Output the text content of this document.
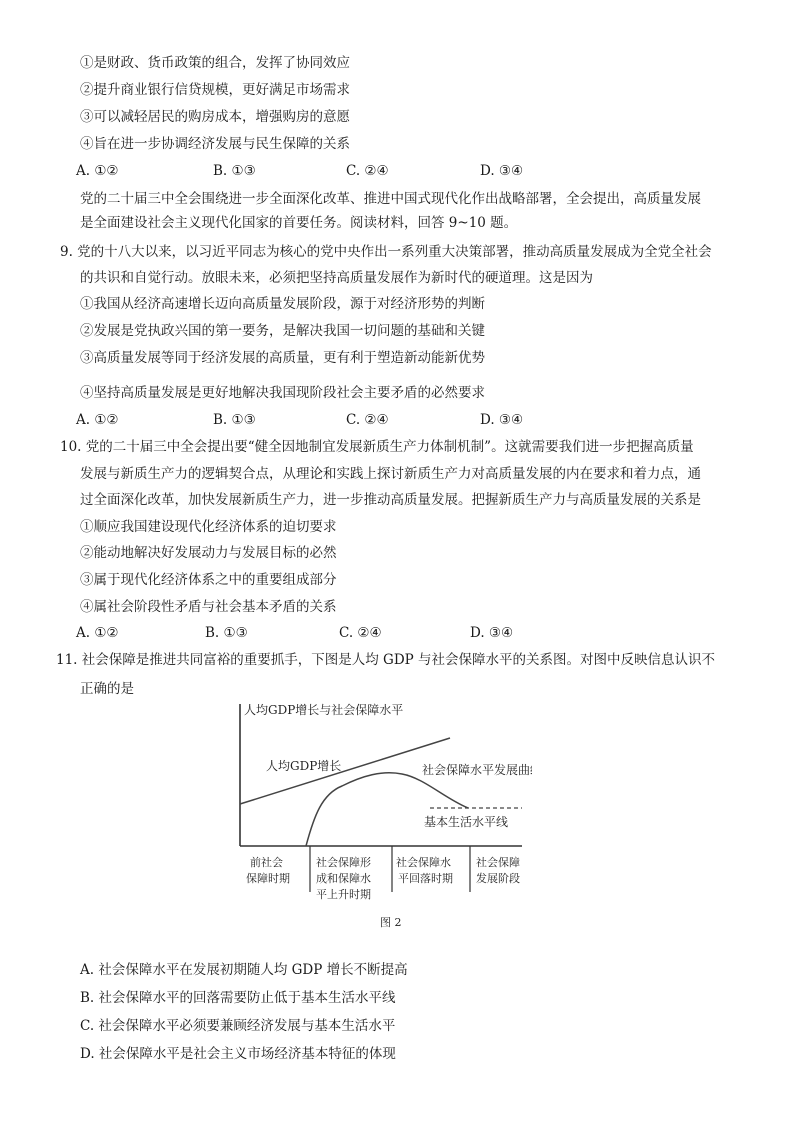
①是财政、货币政策的组合，发挥了协同效应
②提升商业银行信贷规模，更好满足市场需求
③可以减轻居民的购房成本，增强购房的意愿
④旨在进一步协调经济发展与民生保障的关系
A. ①②	B. ①③	C. ②④	D. ③④
党的二十届三中全会围绕进一步全面深化改革、推进中国式现代化作出战略部署，全会提出，高质量发展
是全面建设社会主义现代化国家的首要任务。阅读材料，回答 9~10 题。
9. 党的十八大以来，以习近平同志为核心的党中央作出一系列重大决策部署，推动高质量发展成为全党全社会
的共识和自觉行动。放眼未来，必须把坚持高质量发展作为新时代的硬道理。这是因为
①我国从经济高速增长迈向高质量发展阶段，源于对经济形势的判断
②发展是党执政兴国的第一要务，是解决我国一切问题的基础和关键
③高质量发展等同于经济发展的高质量，更有利于塑造新动能新优势
④坚持高质量发展是更好地解决我国现阶段社会主要矛盾的必然要求
A. ①②	B. ①③	C. ②④	D. ③④
10. 党的二十届三中全会提出要“健全因地制宜发展新质生产力体制机制”。这就需要我们进一步把握高质量
发展与新质生产力的逻辑契合点，从理论和实践上探讨新质生产力对高质量发展的内在要求和着力点，通
过全面深化改革，加快发展新质生产力，进一步推动高质量发展。把握新质生产力与高质量发展的关系是
①顺应我国建设现代化经济体系的迫切要求
②能动地解决好发展动力与发展目标的必然
③属于现代化经济体系之中的重要组成部分
④属社会阶段性矛盾与社会基本矛盾的关系
A. ①②	B. ①③	C. ②④	D. ③④
11. 社会保障是推进共同富裕的重要抓手，下图是人均 GDP 与社会保障水平的关系图。对图中反映信息认识不
正确的是
人均GDP增长与社会保障水平
人均GDP增长	社会保障水平发展曲线
基本生活水平线
前社会 保障时期
社会保障形 成和保障水 平上升时期
社会保障水 平回落时期
社会保障 发展阶段
图 2
A. 社会保障水平在发展初期随人均 GDP 增长不断提高
B. 社会保障水平的回落需要防止低于基本生活水平线
C. 社会保障水平必须要兼顾经济发展与基本生活水平
D. 社会保障水平是社会主义市场经济基本特征的体现
